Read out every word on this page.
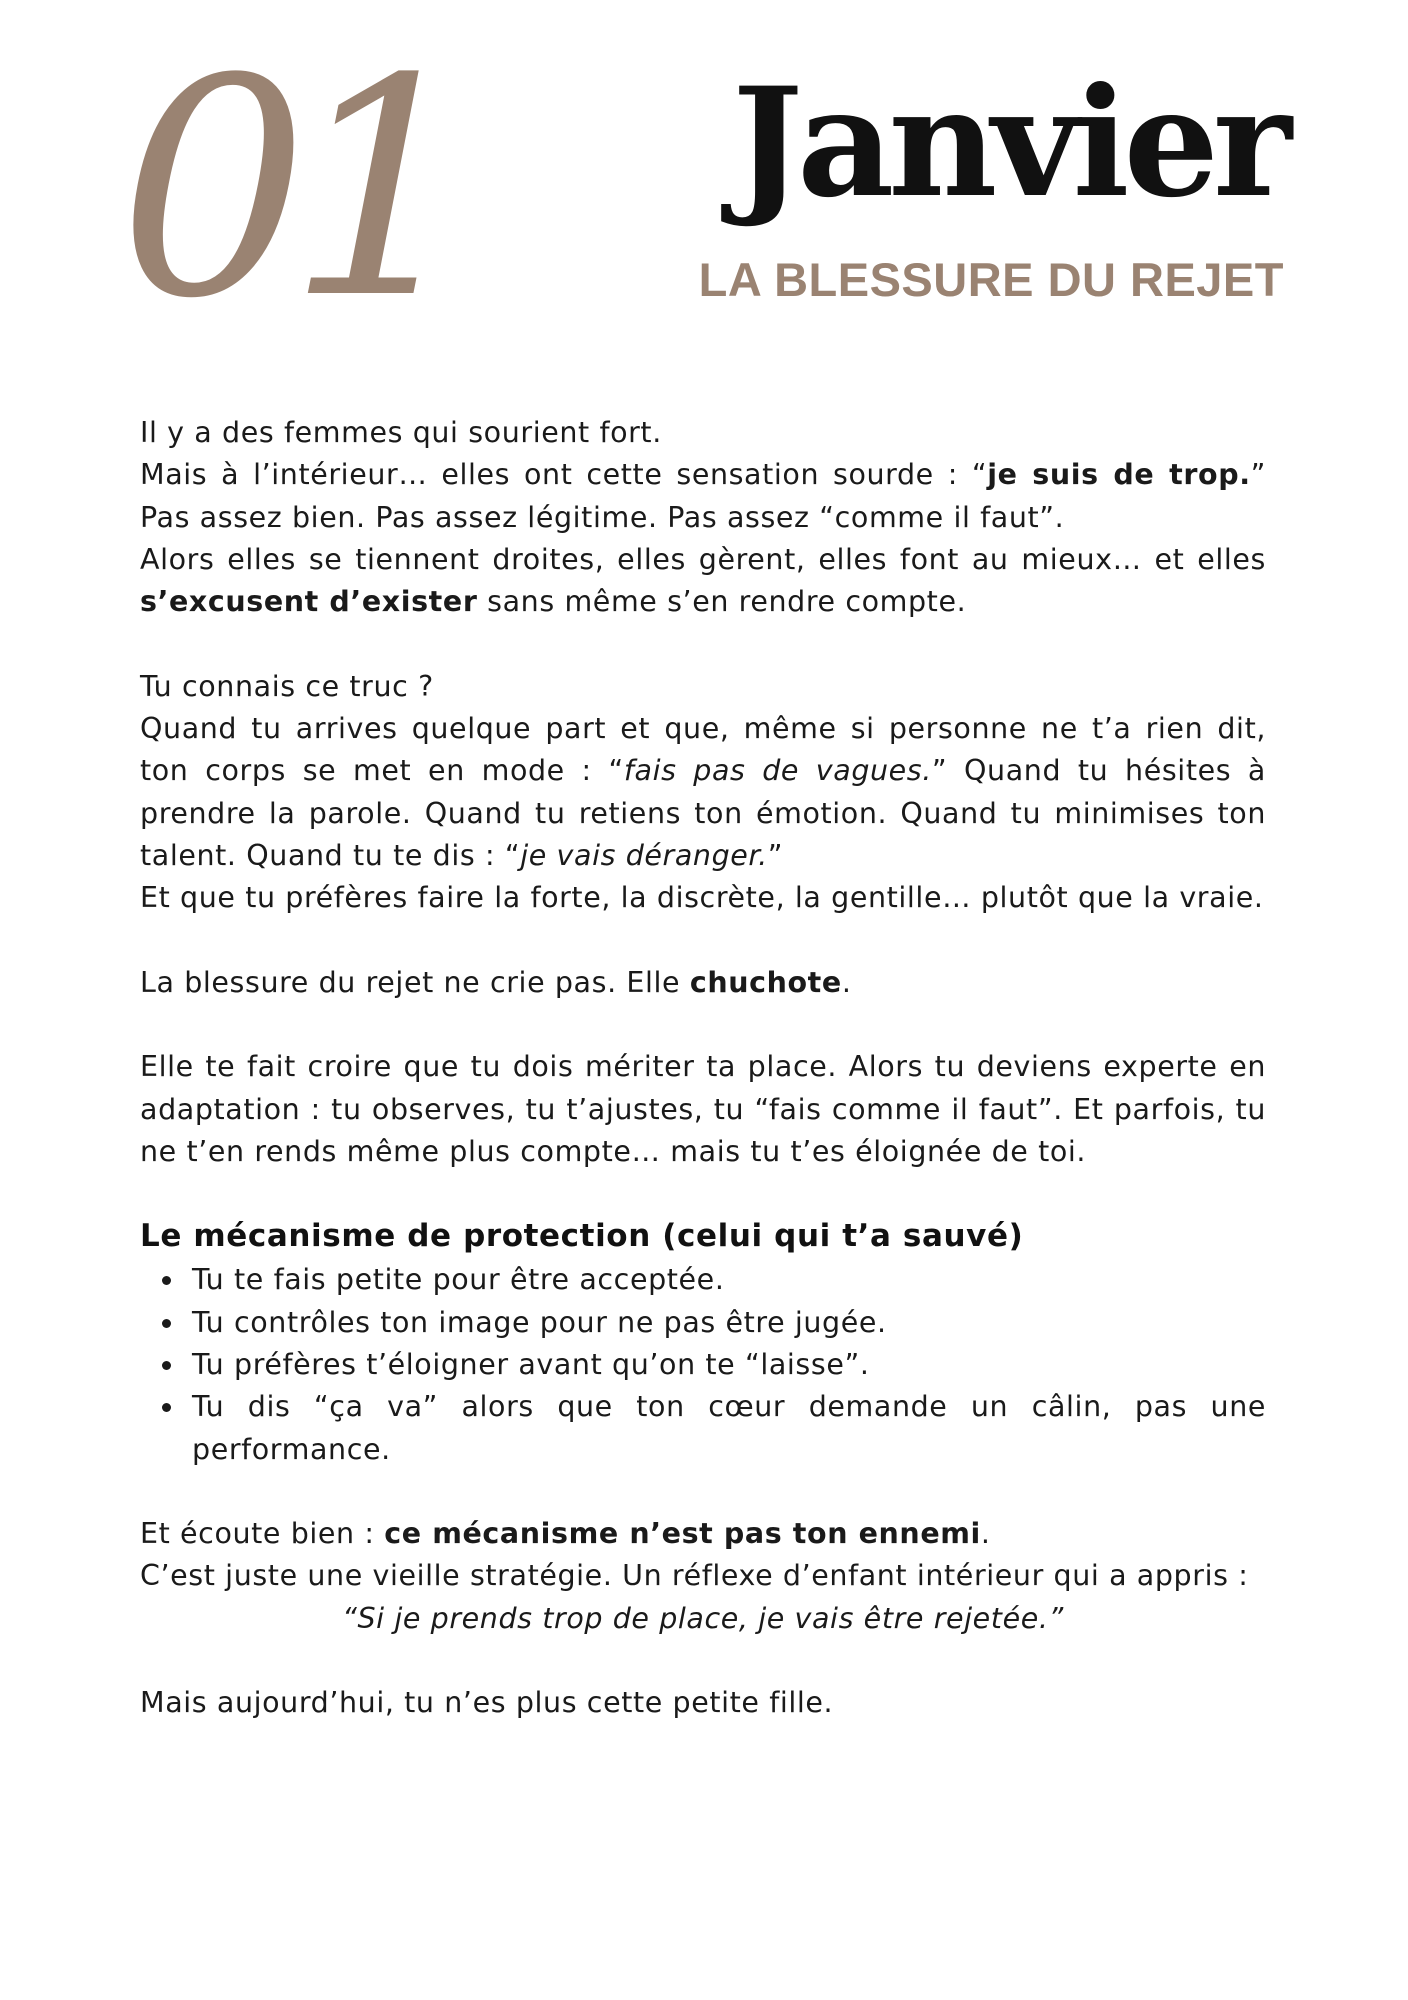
01 Janvier
LA BLESSURE DU REJET

Il y a des femmes qui sourient fort.

Mais à l’intérieur… elles ont cette sensation sourde : “je suis de trop.” Pas assez bien. Pas assez légitime. Pas assez “comme il faut”.

Alors elles se tiennent droites, elles gèrent, elles font au mieux… et elles s’excusent d’exister sans même s’en rendre compte.

Tu connais ce truc ?

Quand tu arrives quelque part et que, même si personne ne t’a rien dit, ton corps se met en mode : “fais pas de vagues.” Quand tu hésites à prendre la parole. Quand tu retiens ton émotion. Quand tu minimises ton talent. Quand tu te dis : “je vais déranger.”

Et que tu préfères faire la forte, la discrète, la gentille… plutôt que la vraie.

La blessure du rejet ne crie pas. Elle chuchote.

Elle te fait croire que tu dois mériter ta place. Alors tu deviens experte en adaptation : tu observes, tu t’ajustes, tu “fais comme il faut”. Et parfois, tu ne t’en rends même plus compte… mais tu t’es éloignée de toi.

Le mécanisme de protection (celui qui t’a sauvé)

Tu te fais petite pour être acceptée.
Tu contrôles ton image pour ne pas être jugée.
Tu préfères t’éloigner avant qu’on te “laisse”.
Tu dis “ça va” alors que ton cœur demande un câlin, pas une performance.

Et écoute bien : ce mécanisme n’est pas ton ennemi.

C’est juste une vieille stratégie. Un réflexe d’enfant intérieur qui a appris :

“Si je prends trop de place, je vais être rejetée.”

Mais aujourd’hui, tu n’es plus cette petite fille.
